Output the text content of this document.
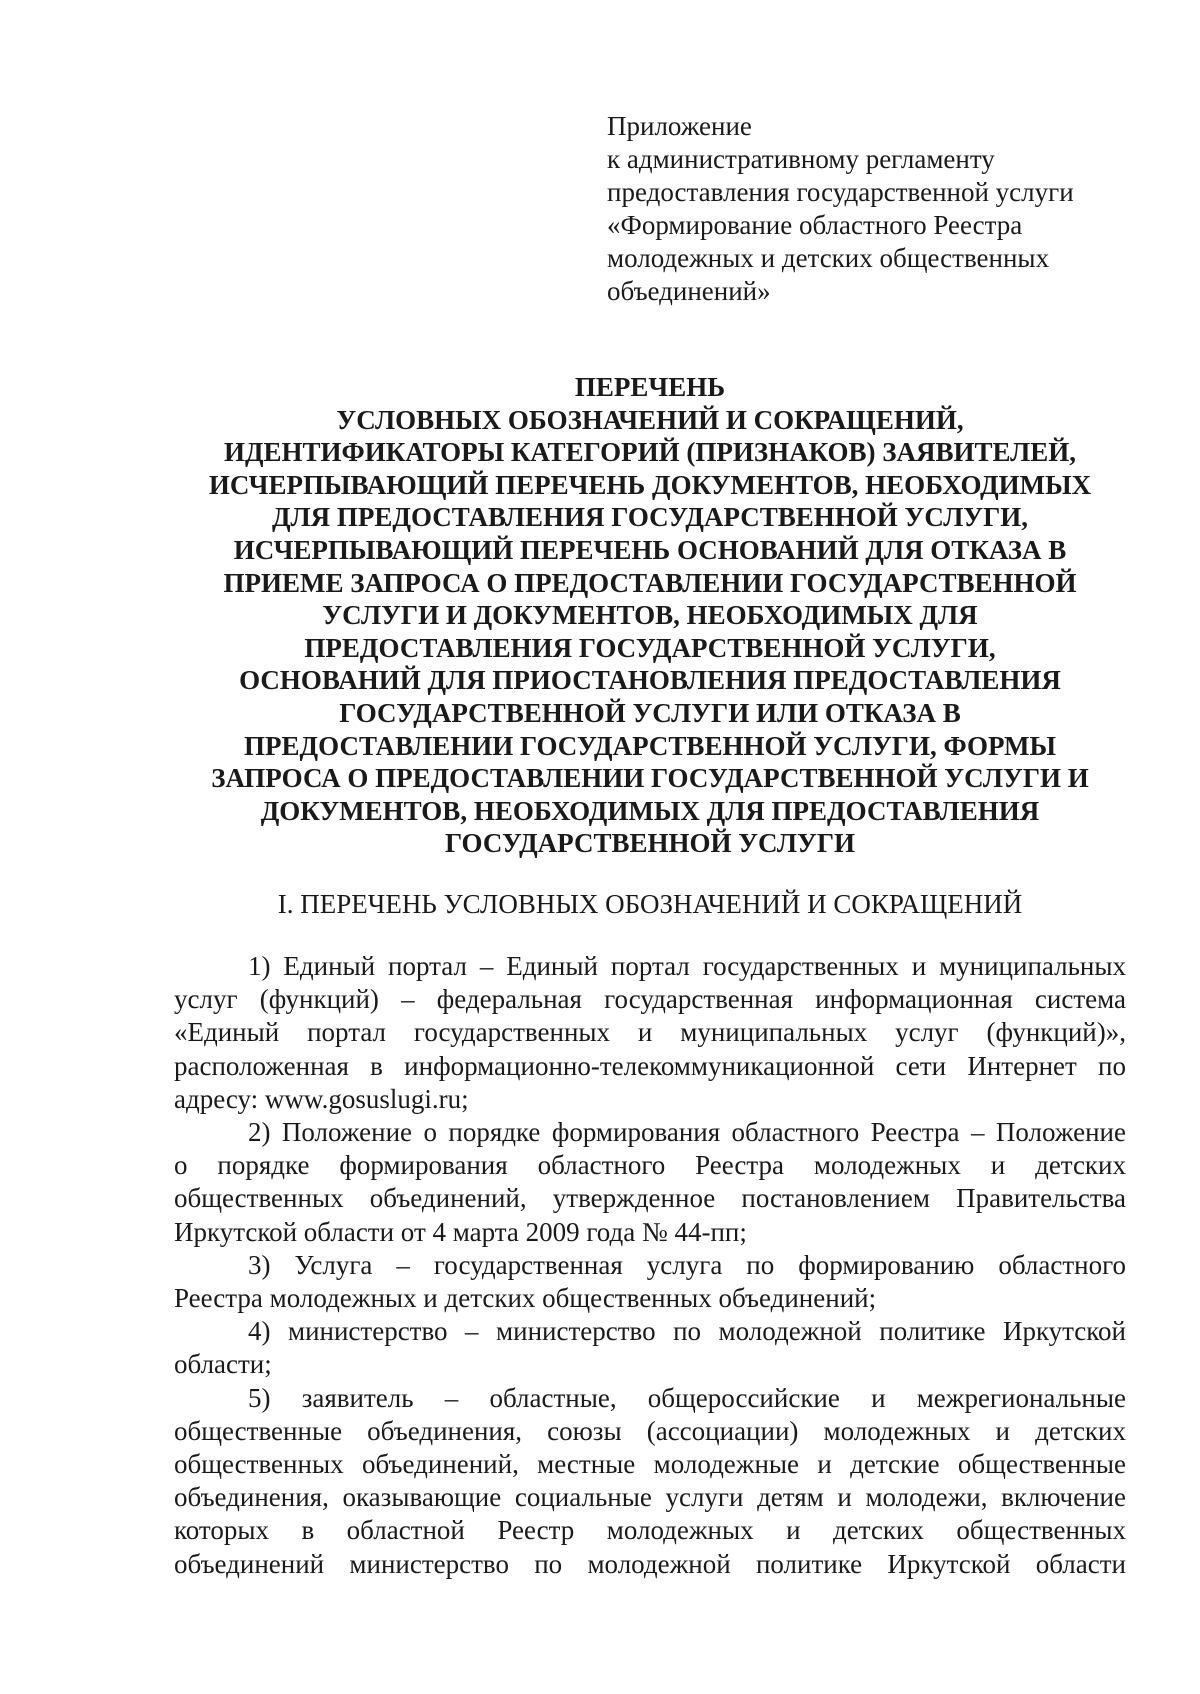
Приложение
к административному регламенту
предоставления государственной услуги
«Формирование областного Реестра
молодежных и детских общественных
объединений»
ПЕРЕЧЕНЬ
УСЛОВНЫХ ОБОЗНАЧЕНИЙ И СОКРАЩЕНИЙ,
ИДЕНТИФИКАТОРЫ КАТЕГОРИЙ (ПРИЗНАКОВ) ЗАЯВИТЕЛЕЙ,
ИСЧЕРПЫВАЮЩИЙ ПЕРЕЧЕНЬ ДОКУМЕНТОВ, НЕОБХОДИМЫХ
ДЛЯ ПРЕДОСТАВЛЕНИЯ ГОСУДАРСТВЕННОЙ УСЛУГИ,
ИСЧЕРПЫВАЮЩИЙ ПЕРЕЧЕНЬ ОСНОВАНИЙ ДЛЯ ОТКАЗА В
ПРИЕМЕ ЗАПРОСА О ПРЕДОСТАВЛЕНИИ ГОСУДАРСТВЕННОЙ
УСЛУГИ И ДОКУМЕНТОВ, НЕОБХОДИМЫХ ДЛЯ
ПРЕДОСТАВЛЕНИЯ ГОСУДАРСТВЕННОЙ УСЛУГИ,
ОСНОВАНИЙ ДЛЯ ПРИОСТАНОВЛЕНИЯ ПРЕДОСТАВЛЕНИЯ
ГОСУДАРСТВЕННОЙ УСЛУГИ ИЛИ ОТКАЗА В
ПРЕДОСТАВЛЕНИИ ГОСУДАРСТВЕННОЙ УСЛУГИ, ФОРМЫ
ЗАПРОСА О ПРЕДОСТАВЛЕНИИ ГОСУДАРСТВЕННОЙ УСЛУГИ И
ДОКУМЕНТОВ, НЕОБХОДИМЫХ ДЛЯ ПРЕДОСТАВЛЕНИЯ
ГОСУДАРСТВЕННОЙ УСЛУГИ
I. ПЕРЕЧЕНЬ УСЛОВНЫХ ОБОЗНАЧЕНИЙ И СОКРАЩЕНИЙ
1) Единый портал – Единый портал государственных и муниципальных
услуг (функций) – федеральная государственная информационная система
«Единый портал государственных и муниципальных услуг (функций)»,
расположенная в информационно-телекоммуникационной сети Интернет по
адресу: www.gosuslugi.ru;
2) Положение о порядке формирования областного Реестра – Положение
о порядке формирования областного Реестра молодежных и детских
общественных объединений, утвержденное постановлением Правительства
Иркутской области от 4 марта 2009 года № 44-пп;
3) Услуга – государственная услуга по формированию областного
Реестра молодежных и детских общественных объединений;
4) министерство – министерство по молодежной политике Иркутской
области;
5) заявитель – областные, общероссийские и межрегиональные
общественные объединения, союзы (ассоциации) молодежных и детских
общественных объединений, местные молодежные и детские общественные
объединения, оказывающие социальные услуги детям и молодежи, включение
которых в областной Реестр молодежных и детских общественных
объединений министерство по молодежной политике Иркутской области
